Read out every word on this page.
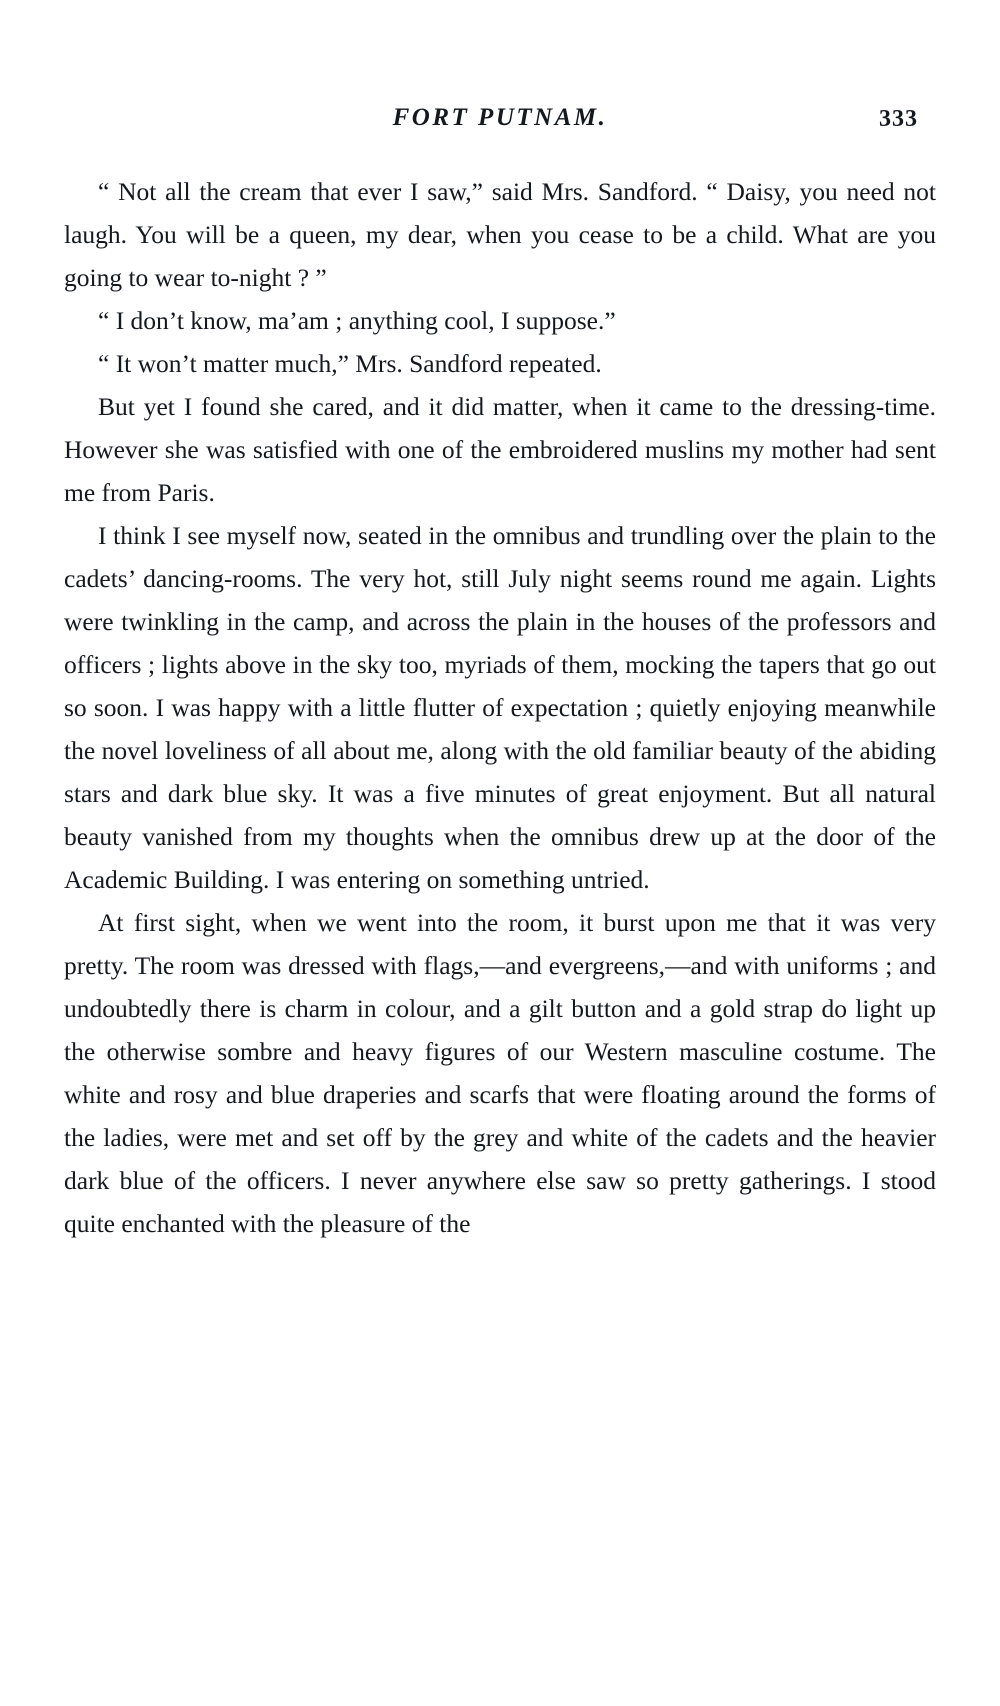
FORT PUTNAM.	333

“ Not all the cream that ever I saw,” said Mrs. Sandford. “ Daisy, you need not laugh. You will be a queen, my dear, when you cease to be a child. What are you going to wear to-night ? ”

“ I don’t know, ma’am ; anything cool, I suppose.”

“ It won’t matter much,” Mrs. Sandford repeated.

But yet I found she cared, and it did matter, when it came to the dressing-time. However she was satisfied with one of the embroidered muslins my mother had sent me from Paris.

I think I see myself now, seated in the omnibus and trundling over the plain to the cadets’ dancing-rooms. The very hot, still July night seems round me again. Lights were twinkling in the camp, and across the plain in the houses of the professors and officers ; lights above in the sky too, myriads of them, mocking the tapers that go out so soon. I was happy with a little flutter of expectation ; quietly enjoying meanwhile the novel loveliness of all about me, along with the old familiar beauty of the abiding stars and dark blue sky. It was a five minutes of great enjoyment. But all natural beauty vanished from my thoughts when the omnibus drew up at the door of the Academic Building. I was entering on something untried.

At first sight, when we went into the room, it burst upon me that it was very pretty. The room was dressed with flags,—and evergreens,—and with uniforms ; and undoubtedly there is charm in colour, and a gilt button and a gold strap do light up the otherwise sombre and heavy figures of our Western masculine costume. The white and rosy and blue draperies and scarfs that were floating around the forms of the ladies, were met and set off by the grey and white of the cadets and the heavier dark blue of the officers. I never anywhere else saw so pretty gatherings. I stood quite enchanted with the pleasure of the
